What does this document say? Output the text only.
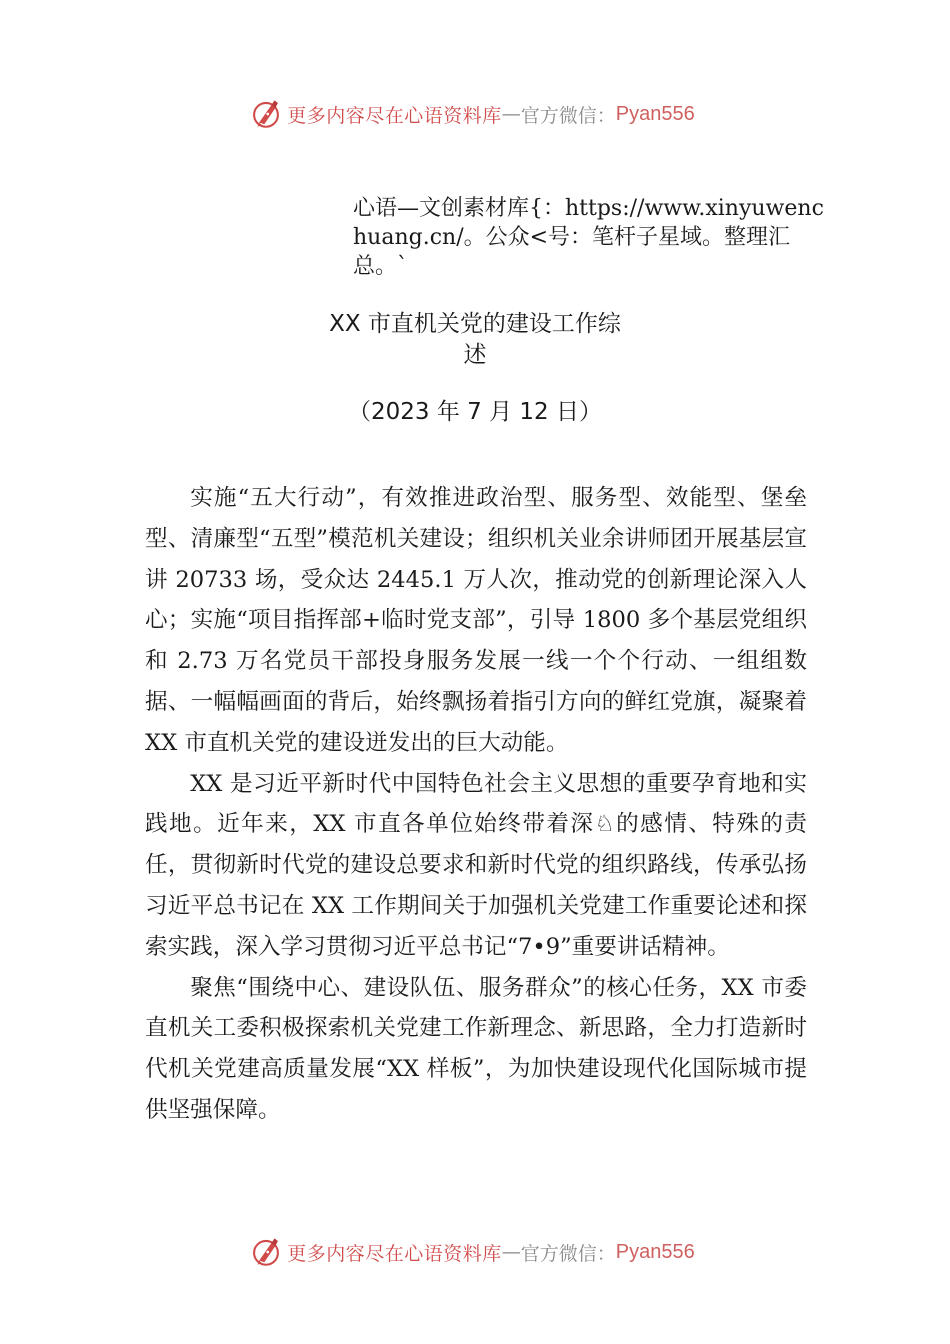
更多内容尽在心语资料库 — 官方微信： Pyan556

心语—文创素材库{：https://www.xinyuwenchuang.cn/。公众<号：笔杆子星域。整理汇总。`

XX 市直机关党的建设工作综
述

（2023 年 7 月 12 日）

实施“五大行动”，有效推进政治型、服务型、效能型、堡垒型、清廉型“五型”模范机关建设；组织机关业余讲师团开展基层宣讲 20733 场，受众达 2445.1 万人次，推动党的创新理论深入人心；实施“项目指挥部+临时党支部”，引导 1800 多个基层党组织和 2.73 万名党员干部投身服务发展一线一个个行动、一组组数据、一幅幅画面的背后，始终飘扬着指引方向的鲜红党旗，凝聚着 XX 市直机关党的建设迸发出的巨大动能。

XX 是习近平新时代中国特色社会主义思想的重要孕育地和实践地。近年来，XX 市直各单位始终带着深♘的感情、特殊的责任，贯彻新时代党的建设总要求和新时代党的组织路线，传承弘扬习近平总书记在 XX 工作期间关于加强机关党建工作重要论述和探索实践，深入学习贯彻习近平总书记“7•9”重要讲话精神。

聚焦“围绕中心、建设队伍、服务群众”的核心任务，XX 市委直机关工委积极探索机关党建工作新理念、新思路，全力打造新时代机关党建高质量发展“XX 样板”，为加快建设现代化国际城市提供坚强保障。

更多内容尽在心语资料库 — 官方微信： Pyan556
